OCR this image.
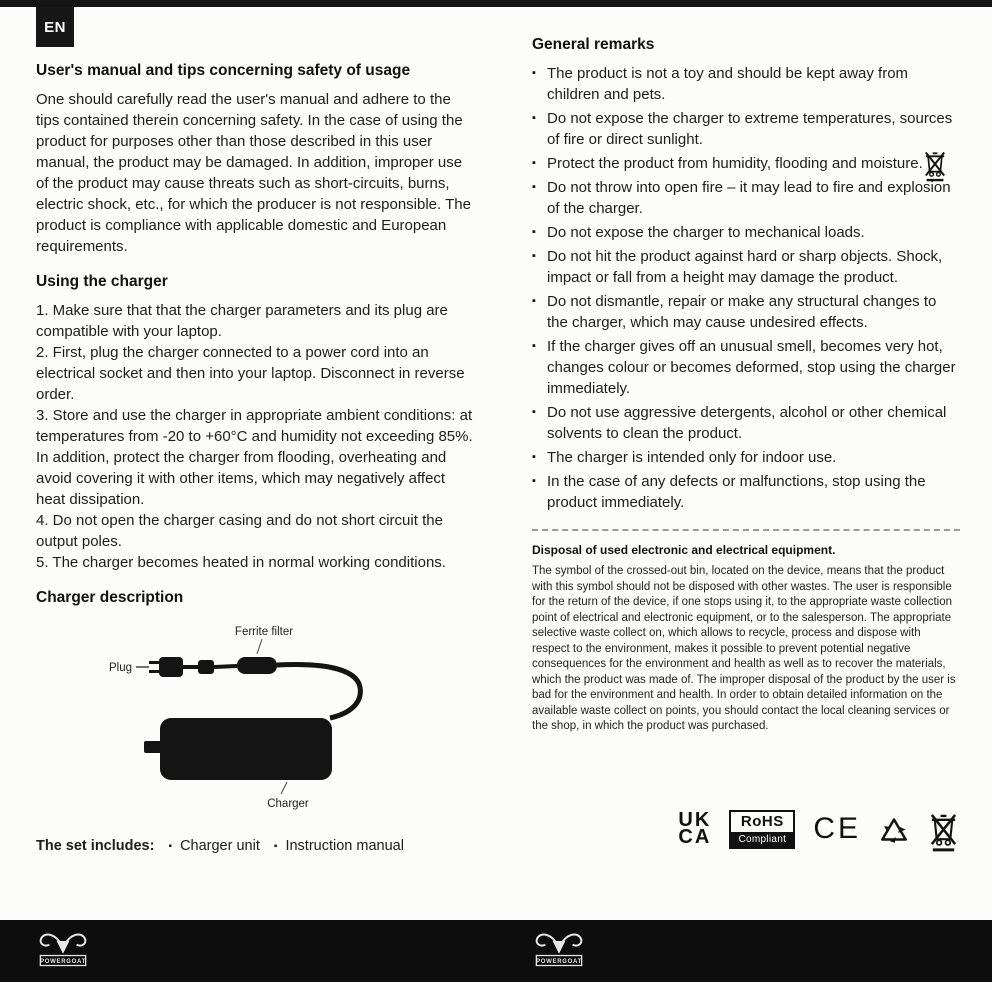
EN
User's manual and tips concerning safety of usage

One should carefully read the user's manual and adhere to the tips contained therein concerning safety. In the case of using the product for purposes other than those described in this user manual, the product may be damaged. In addition, improper use of the product may cause threats such as short-circuits, burns, electric shock, etc., for which the producer is not responsible. The product is compliance with applicable domestic and European requirements.

Using the charger

1. Make sure that that the charger parameters and its plug are compatible with your laptop.

2. First, plug the charger connected to a power cord into an electrical socket and then into your laptop. Disconnect in reverse order.

3. Store and use the charger in appropriate ambient conditions: at temperatures from -20 to +60°C and humidity not exceeding 85%. In addition, protect the charger from flooding, overheating and avoid covering it with other items, which may negatively affect heat dissipation.

4. Do not open the charger casing and do not short circuit the output poles.

5. The charger becomes heated in normal working conditions.

Charger description
Ferrite filter
Plug
Charger

The set includes: ▪ Charger unit ▪ Instruction manual

General remarks
▪ The product is not a toy and should be kept away from children and pets.
▪ Do not expose the charger to extreme temperatures, sources of fire or direct sunlight.
▪ Protect the product from humidity, flooding and moisture.
▪ Do not throw into open fire – it may lead to fire and explosion of the charger.
▪ Do not expose the charger to mechanical loads.
▪ Do not hit the product against hard or sharp objects. Shock, impact or fall from a height may damage the product.
▪ Do not dismantle, repair or make any structural changes to the charger, which may cause undesired effects.
▪ If the charger gives off an unusual smell, becomes very hot, changes colour or becomes deformed, stop using the charger immediately.
▪ Do not use aggressive detergents, alcohol or other chemical solvents to clean the product.
▪ The charger is intended only for indoor use.
▪ In the case of any defects or malfunctions, stop using the product immediately.
Disposal of used electronic and electrical equipment.

The symbol of the crossed-out bin, located on the device, means that the product with this symbol should not be disposed with other wastes. The user is responsible for the return of the device, if one stops using it, to the appropriate waste collection point of electrical and electronic equipment, or to the salesperson. The appropriate selective waste collect on, which allows to recycle, process and dispose with respect to the environment, makes it possible to prevent potential negative consequences for the environment and health as well as to recover the materials, which the product was made of. The improper disposal of the product by the user is bad for the environment and health. In order to obtain detailed information on the available waste collect on points, you should contact the local cleaning services or the shop, in which the product was purchased.

UK
CA
RoHS
Compliant CE
POWERGOAT	POWERGOAT
